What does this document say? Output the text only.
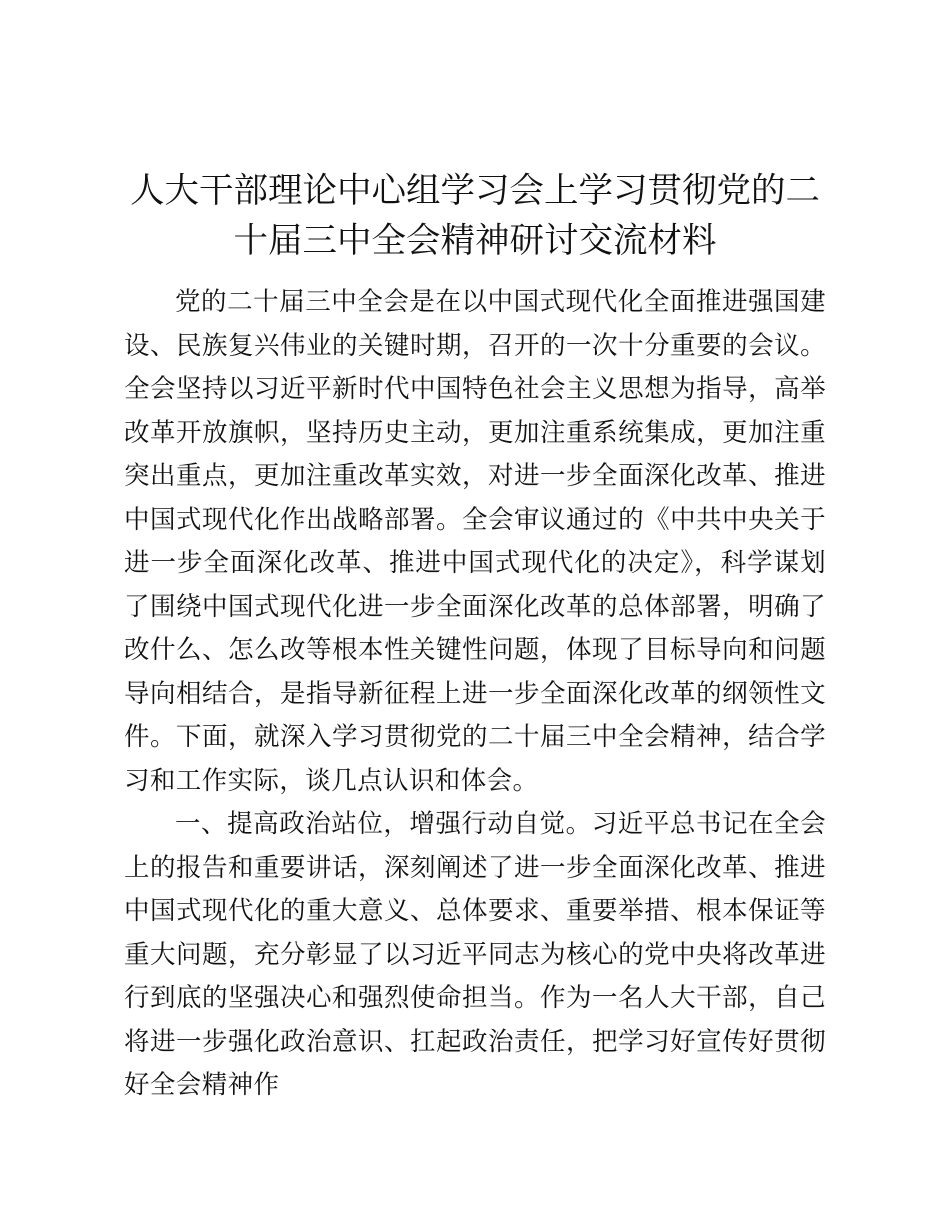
人大干部理论中心组学习会上学习贯彻党的二十届三中全会精神研讨交流材料

党的二十届三中全会是在以中国式现代化全面推进强国建设、民族复兴伟业的关键时期，召开的一次十分重要的会议。全会坚持以习近平新时代中国特色社会主义思想为指导，高举改革开放旗帜，坚持历史主动，更加注重系统集成，更加注重突出重点，更加注重改革实效，对进一步全面深化改革、推进中国式现代化作出战略部署。全会审议通过的《中共中央关于进一步全面深化改革、推进中国式现代化的决定》，科学谋划了围绕中国式现代化进一步全面深化改革的总体部署，明确了改什么、怎么改等根本性关键性问题，体现了目标导向和问题导向相结合，是指导新征程上进一步全面深化改革的纲领性文件。下面，就深入学习贯彻党的二十届三中全会精神，结合学习和工作实际，谈几点认识和体会。

一、提高政治站位，增强行动自觉。习近平总书记在全会上的报告和重要讲话，深刻阐述了进一步全面深化改革、推进中国式现代化的重大意义、总体要求、重要举措、根本保证等重大问题，充分彰显了以习近平同志为核心的党中央将改革进行到底的坚强决心和强烈使命担当。作为一名人大干部，自己将进一步强化政治意识、扛起政治责任，把学习好宣传好贯彻好全会精神作
